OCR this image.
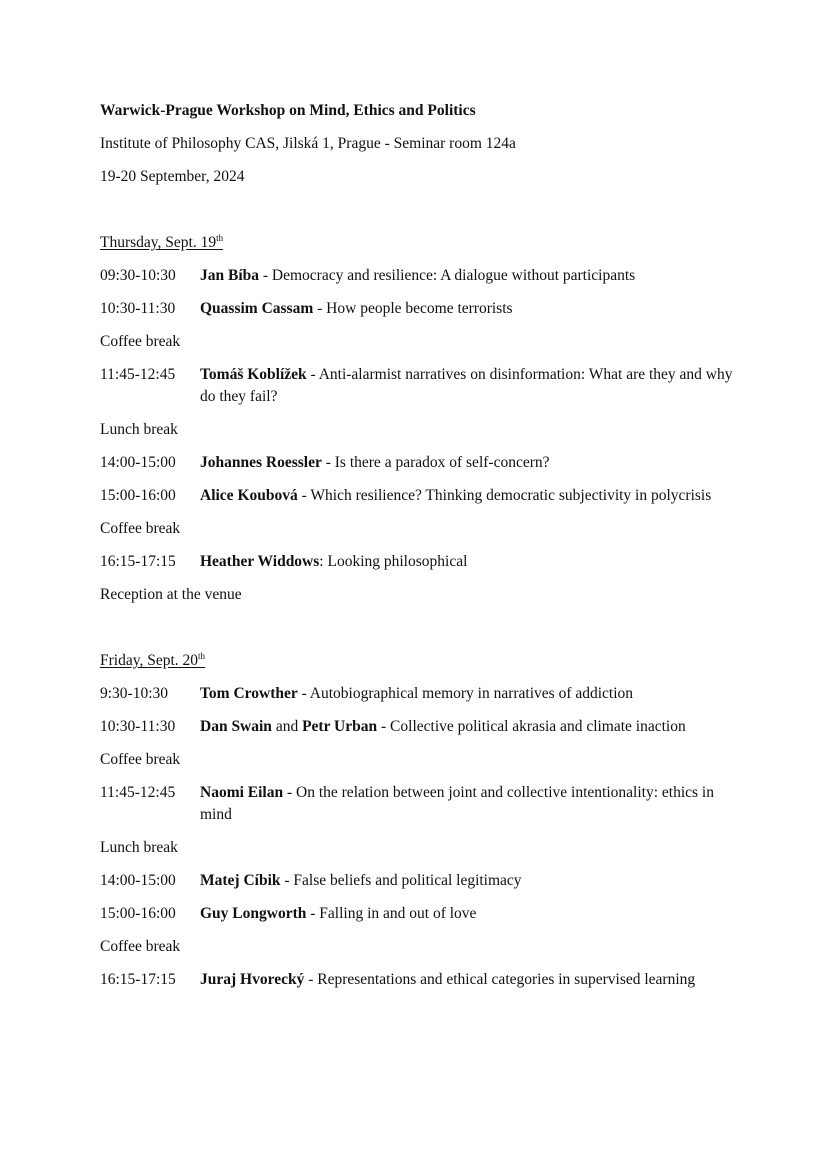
Warwick-Prague Workshop on Mind, Ethics and Politics
Institute of Philosophy CAS, Jilská 1, Prague - Seminar room 124a
19-20 September, 2024
Thursday, Sept. 19th
09:30-10:30	Jan Bíba - Democracy and resilience: A dialogue without participants
10:30-11:30	Quassim Cassam - How people become terrorists
Coffee break
11:45-12:45	Tomáš Koblížek - Anti-alarmist narratives on disinformation: What are they and why do they fail?
Lunch break
14:00-15:00	Johannes Roessler - Is there a paradox of self-concern?
15:00-16:00	Alice Koubová - Which resilience? Thinking democratic subjectivity in polycrisis
Coffee break
16:15-17:15	Heather Widdows: Looking philosophical
Reception at the venue
Friday, Sept. 20th
9:30-10:30	Tom Crowther - Autobiographical memory in narratives of addiction
10:30-11:30	Dan Swain and Petr Urban - Collective political akrasia and climate inaction
Coffee break
11:45-12:45	Naomi Eilan - On the relation between joint and collective intentionality: ethics in mind
Lunch break
14:00-15:00	Matej Cíbik - False beliefs and political legitimacy
15:00-16:00	Guy Longworth - Falling in and out of love
Coffee break
16:15-17:15	Juraj Hvorecký - Representations and ethical categories in supervised learning
